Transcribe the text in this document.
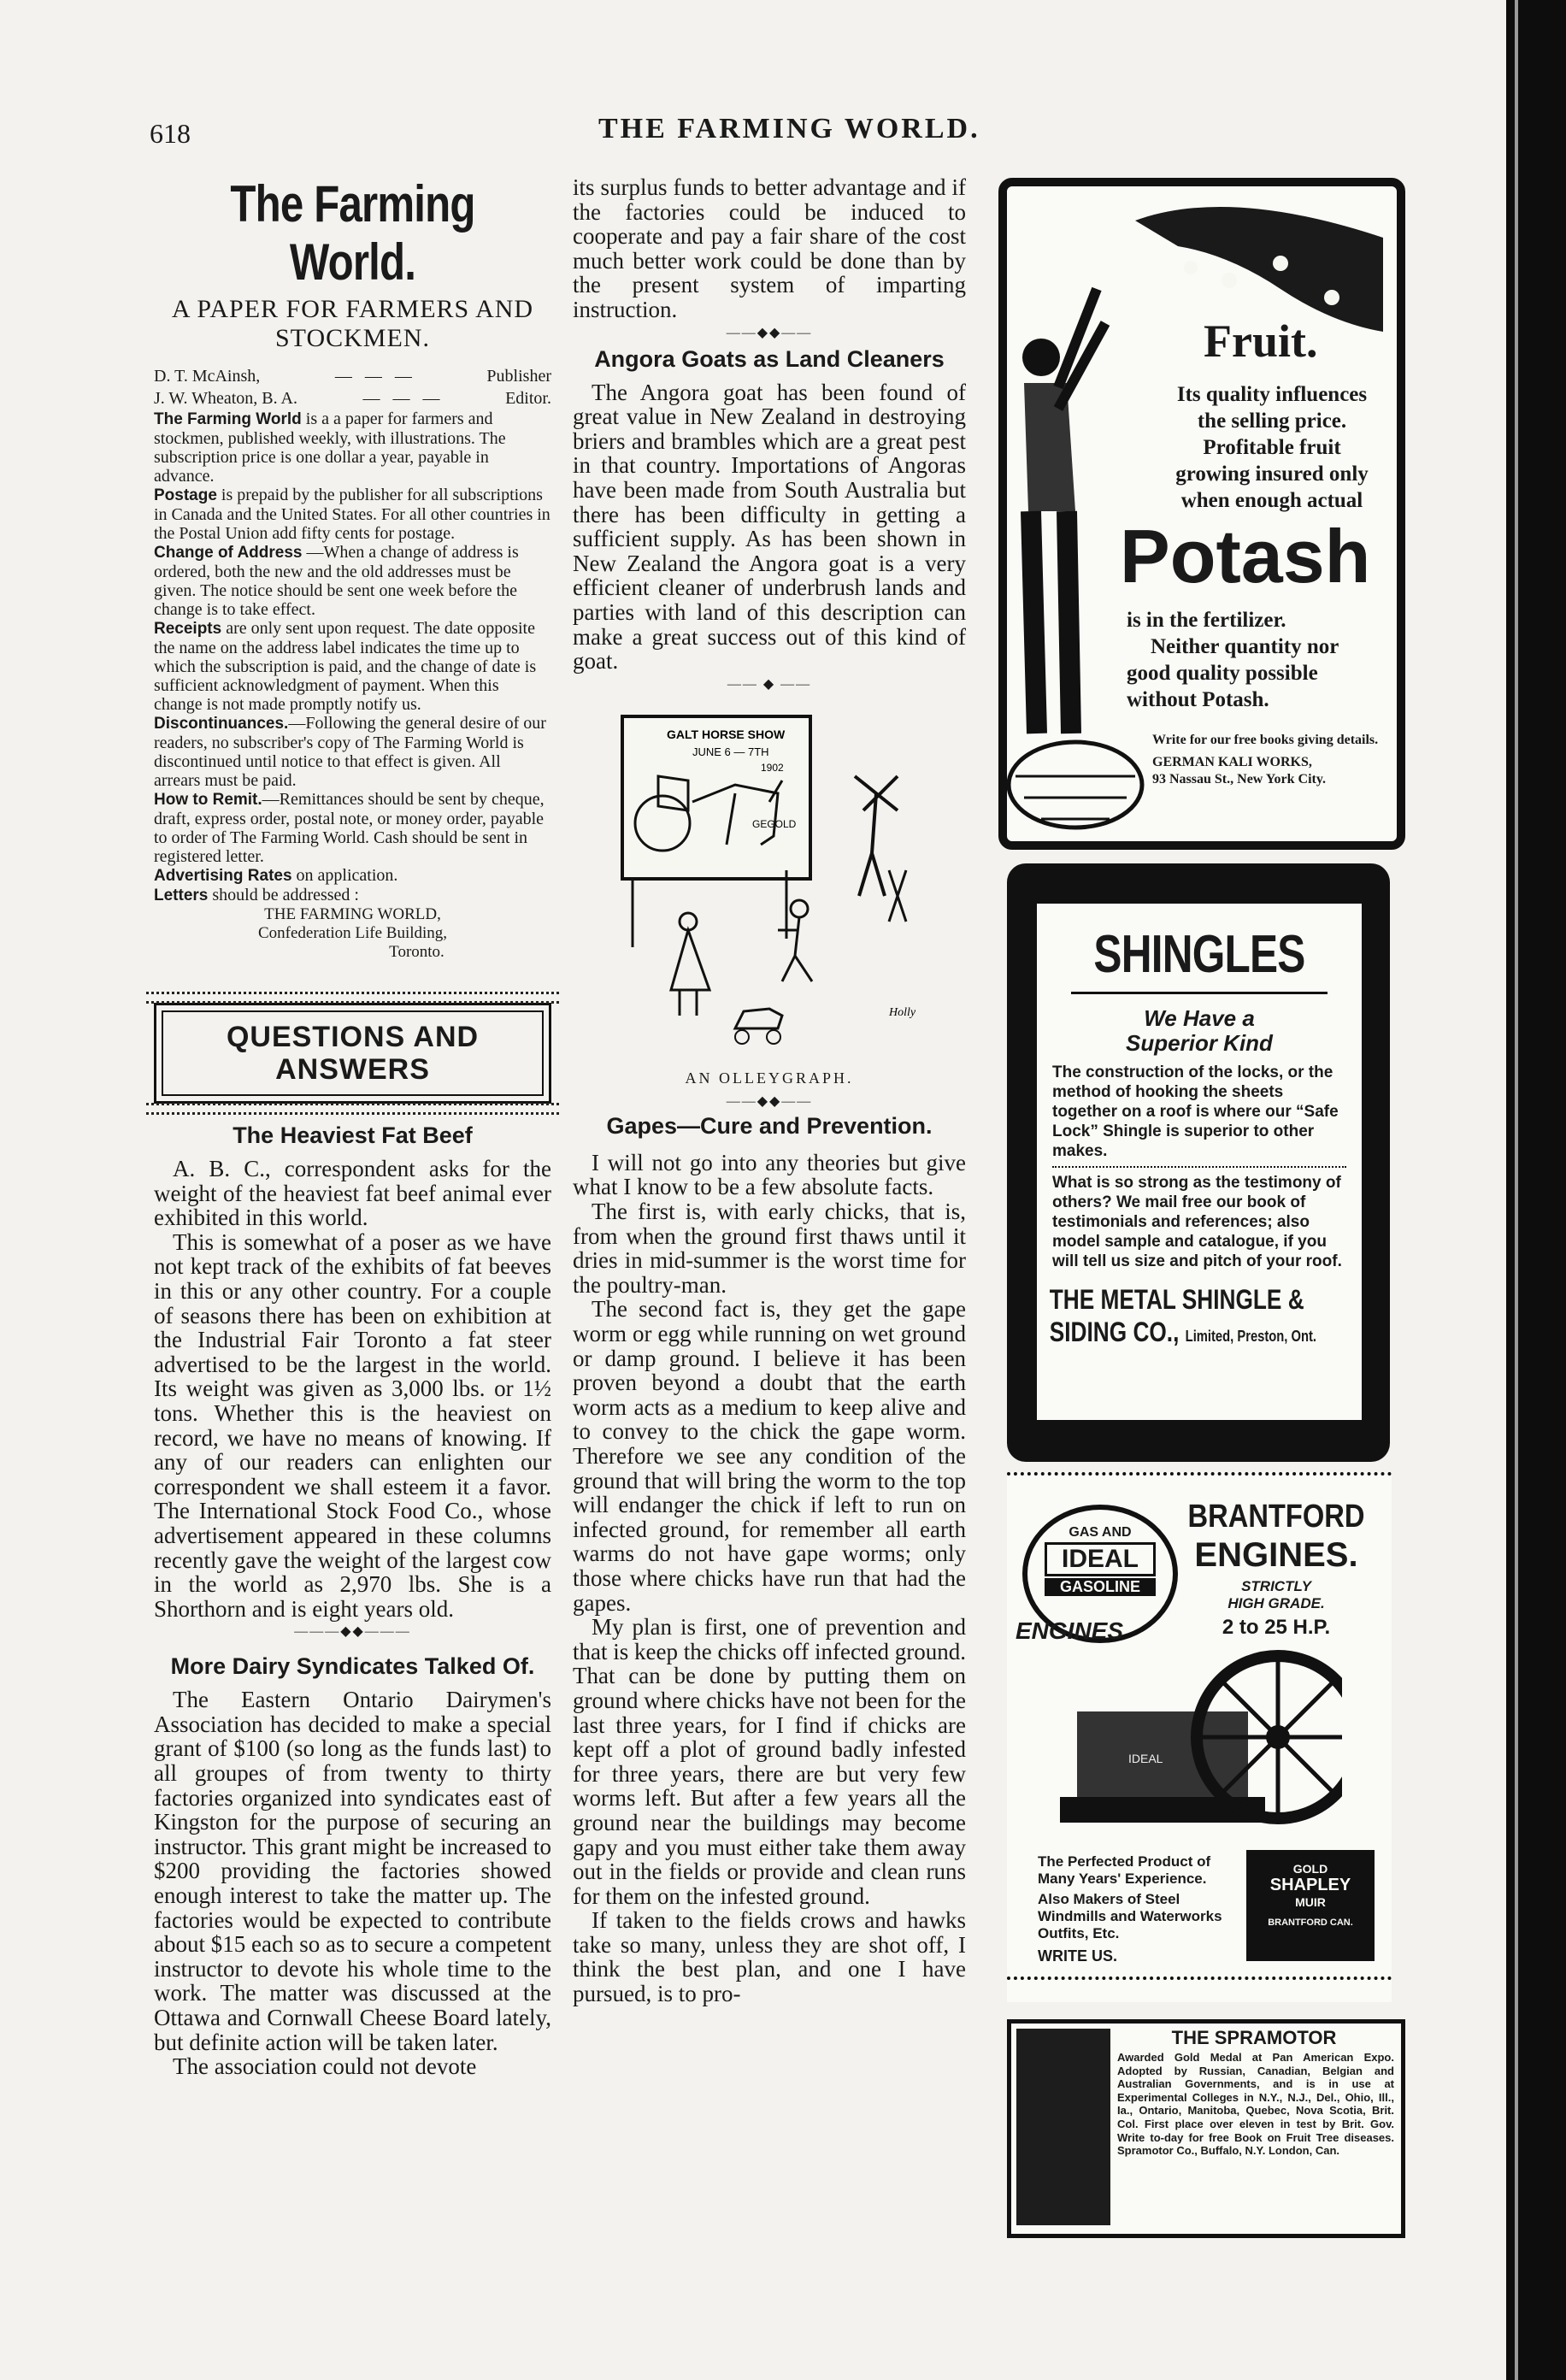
618	THE FARMING WORLD.
The Farming World.
A PAPER FOR FARMERS AND STOCKMEN.
D. T. McAinsh,	—   —   —	Publisher
J. W. Wheaton, B. A.	—   —   —	Editor.

The Farming World is a a paper for farmers and stockmen, published weekly, with illustrations. The subscription price is one dollar a year, payable in advance.

Postage is prepaid by the publisher for all subscriptions in Canada and the United States. For all other countries in the Postal Union add fifty cents for postage.

Change of Address —When a change of address is ordered, both the new and the old addresses must be given. The notice should be sent one week before the change is to take effect.

Receipts are only sent upon request. The date opposite the name on the address label indicates the time up to which the subscription is paid, and the change of date is sufficient acknowledgment of payment. When this change is not made promptly notify us.

Discontinuances.—Following the general desire of our readers, no subscriber's copy of The Farming World is discontinued until notice to that effect is given. All arrears must be paid.

How to Remit.—Remittances should be sent by cheque, draft, express order, postal note, or money order, payable to order of The Farming World. Cash should be sent in registered letter.

Advertising Rates on application.

Letters should be addressed :

THE FARMING WORLD,
Confederation Life Building,
Toronto.
QUESTIONS AND
ANSWERS
The Heaviest Fat Beef

A. B. C., correspondent asks for the weight of the heaviest fat beef animal ever exhibited in this world.

This is somewhat of a poser as we have not kept track of the exhibits of fat beeves in this or any other country. For a couple of seasons there has been on exhibition at the Industrial Fair Toronto a fat steer advertised to be the largest in the world. Its weight was given as 3,000 lbs. or 1½ tons. Whether this is the heaviest on record, we have no means of knowing. If any of our readers can enlighten our correspondent we shall esteem it a favor. The International Stock Food Co., whose advertisement appeared in these columns recently gave the weight of the largest cow in the world as 2,970 lbs. She is a Shorthorn and is eight years old.

———◆◆———
More Dairy Syndicates Talked Of.

The Eastern Ontario Dairymen's Association has decided to make a special grant of $100 (so long as the funds last) to all groupes of from twenty to thirty factories organized into syndicates east of Kingston for the purpose of securing an instructor. This grant might be increased to $200 providing the factories showed enough interest to take the matter up. The factories would be expected to contribute about $15 each so as to secure a competent instructor to devote his whole time to the work. The matter was discussed at the Ottawa and Cornwall Cheese Board lately, but definite action will be taken later.

The association could not devote

its surplus funds to better advantage and if the factories could be induced to cooperate and pay a fair share of the cost much better work could be done than by the present system of imparting instruction.

——◆◆——
Angora Goats as Land Cleaners

The Angora goat has been found of great value in New Zealand in destroying briers and brambles which are a great pest in that country. Importations of Angoras have been made from South Australia but there has been difficulty in getting a sufficient supply. As has been shown in New Zealand the Angora goat is a very efficient cleaner of underbrush lands and parties with land of this description can make a great success out of this kind of goat.

—— ◆ ——
GALT HORSE SHOW
JUNE 6 — 7TH
1902
GEGOLD
Holly
AN OLLEYGRAPH.
——◆◆——
Gapes—Cure and Prevention.

I will not go into any theories but give what I know to be a few absolute facts.

The first is, with early chicks, that is, from when the ground first thaws until it dries in mid-summer is the worst time for the poultry-man.

The second fact is, they get the gape worm or egg while running on wet ground or damp ground. I believe it has been proven beyond a doubt that the earth worm acts as a medium to keep alive and to convey to the chick the gape worm. Therefore we see any condition of the ground that will bring the worm to the top will endanger the chick if left to run on infected ground, for remember all earth warms do not have gape worms; only those where chicks have run that had the gapes.

My plan is first, one of prevention and that is keep the chicks off infected ground. That can be done by putting them on ground where chicks have not been for the last three years, for I find if chicks are kept off a plot of ground badly infested for three years, there are but very few worms left. But after a few years all the ground near the buildings may become gapy and you must either take them away out in the fields or provide and clean runs for them on the infested ground.

If taken to the fields crows and hawks take so many, unless they are shot off, I think the best plan, and one I have pursued, is to pro-

Fruit.
Its quality influences
the selling price.
Profitable fruit
growing insured only
when enough actual
Potash
is in the fertilizer.
Neither quantity nor
good quality possible
without Potash.
Write for our free books giving details.
GERMAN KALI WORKS,
93 Nassau St., New York City.
SHINGLES
We Have a
Superior Kind
The construction of the locks, or the method of hooking the sheets together on a roof is where our “Safe Lock” Shingle is superior to other makes.
What is so strong as the testimony of others? We mail free our book of testimonials and references; also model sample and catalogue, if you will tell us size and pitch of your roof.
THE METAL SHINGLE &
SIDING CO., Limited, Preston, Ont.
GAS AND
IDEAL
GASOLINE
ENGINES
BRANTFORD
ENGINES.
STRICTLY
HIGH GRADE.
2 to 25 H.P.
IDEAL
The Perfected Product of Many Years' Experience.
Also Makers of Steel Windmills and Waterworks Outfits, Etc.
WRITE US.
GOLD
SHAPLEY
MUIR
BRANTFORD CAN.
THE SPRAMOTOR
Awarded Gold Medal at Pan American Expo. Adopted by Russian, Canadian, Belgian and Australian Governments, and is in use at Experimental Colleges in N.Y., N.J., Del., Ohio, Ill., Ia., Ontario, Manitoba, Quebec, Nova Scotia, Brit. Col. First place over eleven in test by Brit. Gov. Write to-day for free Book on Fruit Tree diseases. Spramotor Co., Buffalo, N.Y. London, Can.
